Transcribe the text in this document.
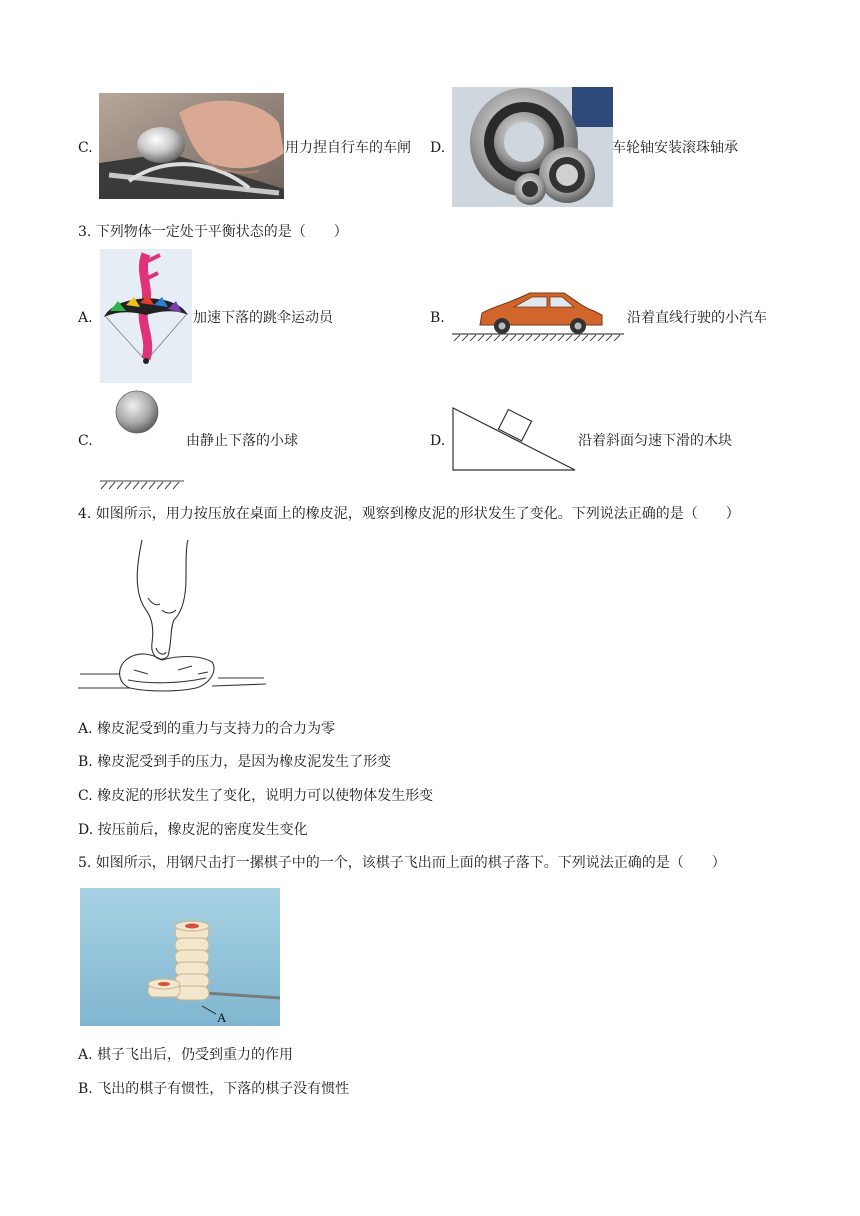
C.	用力捏自行车的车闸 D.	车轮轴安装滚珠轴承
3. 下列物体一定处于平衡状态的是（　　）
A.	加速下落的跳伞运动员	B.	沿着直线行驶的小汽车
C.	由静止下落的小球	D.	沿着斜面匀速下滑的木块
4. 如图所示，用力按压放在桌面上的橡皮泥，观察到橡皮泥的形状发生了变化。下列说法正确的是（　　）
A. 橡皮泥受到的重力与支持力的合力为零
B. 橡皮泥受到手的压力，是因为橡皮泥发生了形变
C. 橡皮泥的形状发生了变化，说明力可以使物体发生形变
D. 按压前后，橡皮泥的密度发生变化
5. 如图所示，用钢尺击打一摞棋子中的一个，该棋子飞出而上面的棋子落下。下列说法正确的是（　　）
A
A. 棋子飞出后，仍受到重力的作用
B. 飞出的棋子有惯性，下落的棋子没有惯性
